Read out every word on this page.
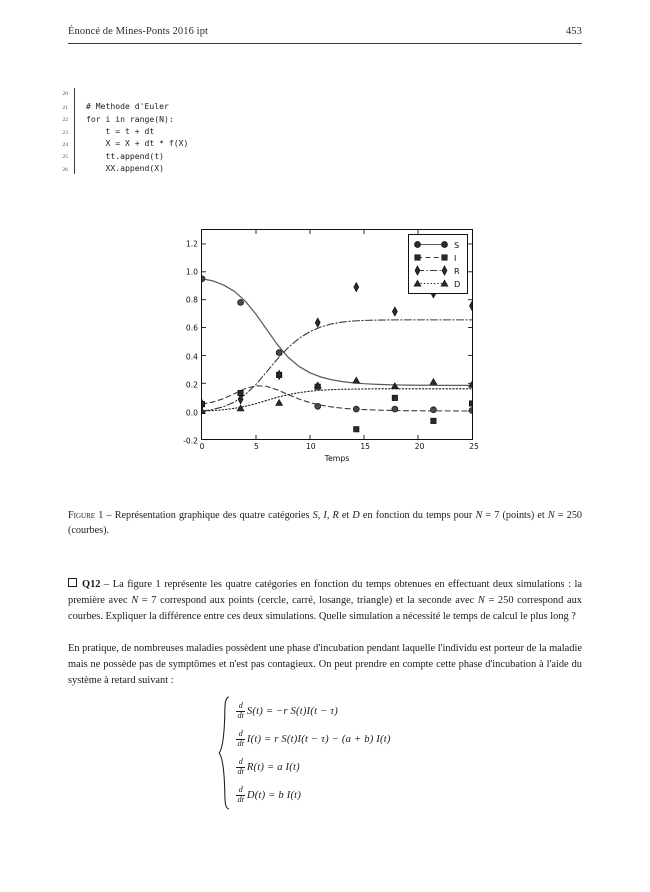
Énoncé de Mines-Ponts 2016 ipt	453
20
21	# Methode d'Euler
22	for i in range(N):
23	t = t + dt
24	X = X + dt * f(X)
25	tt.append(t)
26	XX.append(X)
-0.2
0.0
0.2
0.4
0.6
0.8
1.0
1.2
0	5	10	15	20	25
S
I
R
D
Temps
Figure 1 – Représentation graphique des quatre catégories S, I, R et D en fonction du temps pour N = 7 (points) et N = 250 (courbes).
Q12 – La figure 1 représente les quatre catégories en fonction du temps obtenues en effectuant deux simulations : la première avec N = 7 correspond aux points (cercle, carré, losange, triangle) et la seconde avec N = 250 correspond aux courbes. Expliquer la différence entre ces deux simulations. Quelle simulation a nécessité le temps de calcul le plus long ?
En pratique, de nombreuses maladies possèdent une phase d'incubation pendant laquelle l'individu est porteur de la maladie mais ne possède pas de symptômes et n'est pas contagieux. On peut prendre en compte cette phase d'incubation à l'aide du système à retard suivant :
$\frac{d}{dt} S(t) = -r$ S(t)I(t − τ)
$\frac{d}{dt} I(t) = r$ S(t)I(t − τ) − (a + b) I(t)
$\frac{d}{dt} R(t) = a$ I(t)
$\frac{d}{dt} D(t) = b$ I(t)
